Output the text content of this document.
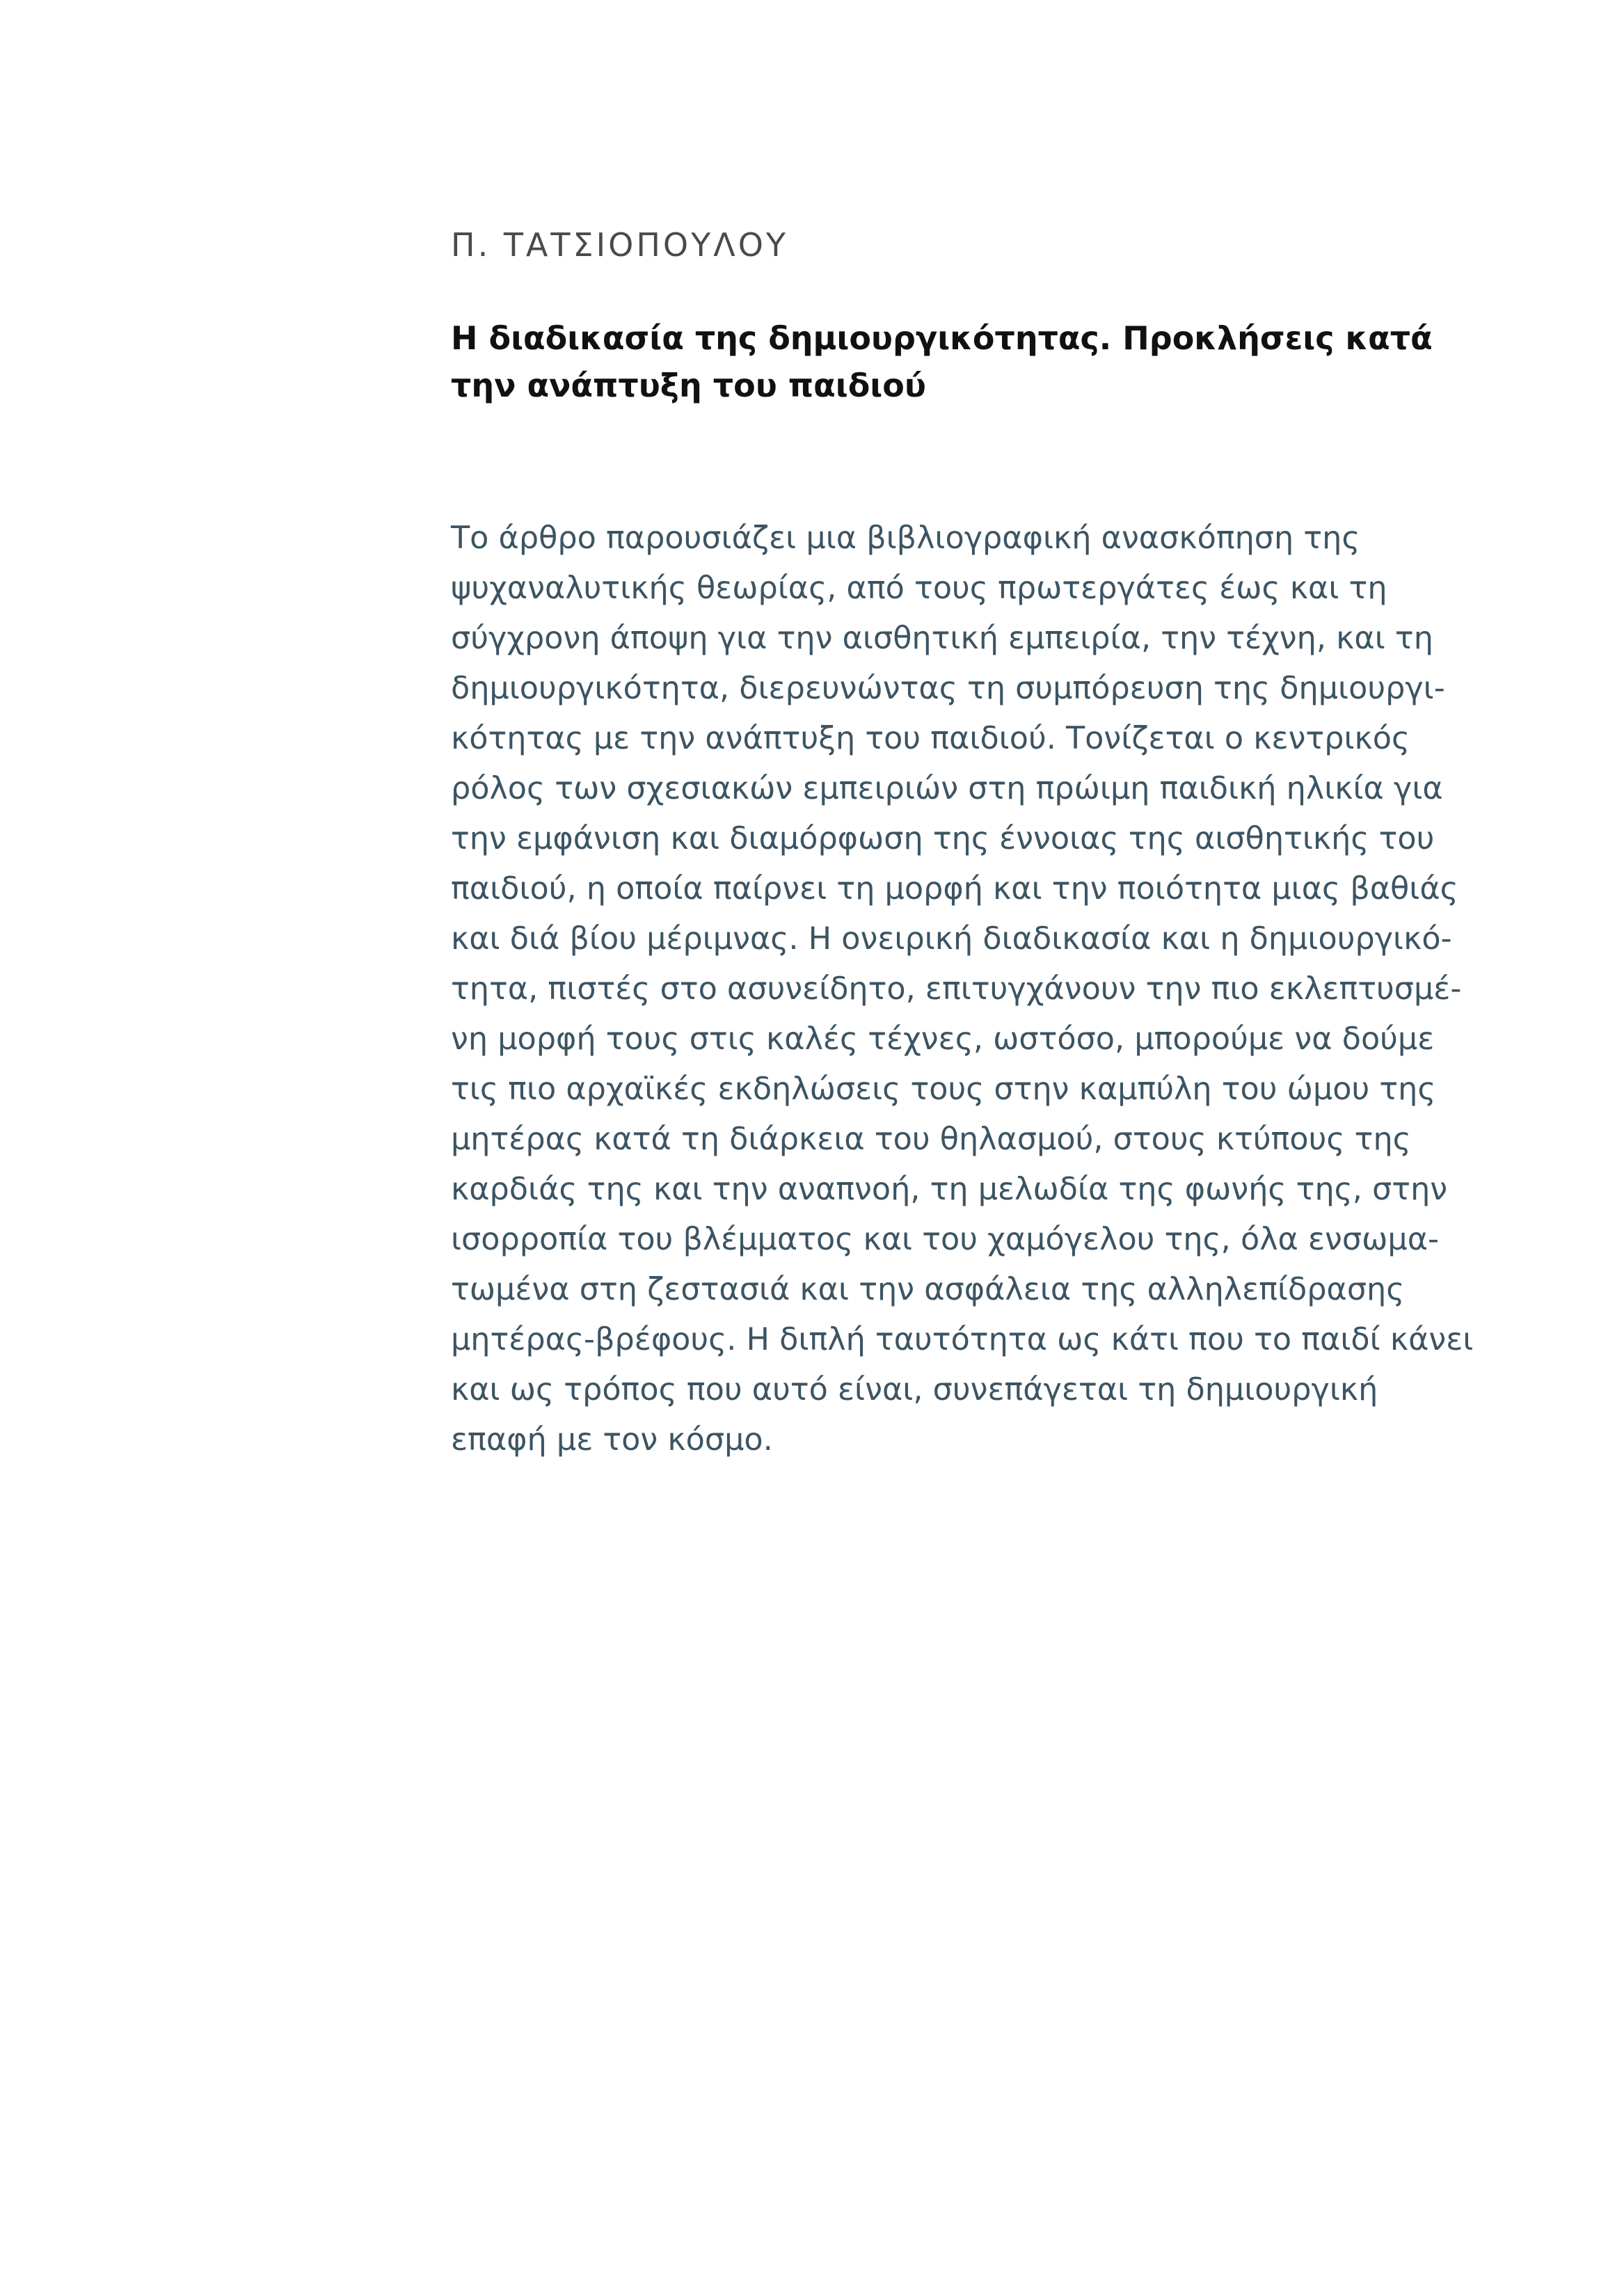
Π. ΤΑΤΣΙΟΠΟΥΛΟΥ
Η διαδικασία της δημιουργικότητας. Προκλήσεις κατά την ανάπτυξη του παιδιού
Το άρθρο παρουσιάζει μια βιβλιογραφική ανασκόπηση της
ψυχαναλυτικής θεωρίας, από τους πρωτεργάτες έως και τη
σύγχρονη άποψη για την αισθητική εμπειρία, την τέχνη, και τη
δημιουργικότητα, διερευνώντας τη συμπόρευση της δημιουργι-
κότητας με την ανάπτυξη του παιδιού. Τονίζεται ο κεντρικός
ρόλος των σχεσιακών εμπειριών στη πρώιμη παιδική ηλικία για
την εμφάνιση και διαμόρφωση της έννοιας της αισθητικής του
παιδιού, η οποία παίρνει τη μορφή και την ποιότητα μιας βαθιάς
και διά βίου μέριμνας. Η ονειρική διαδικασία και η δημιουργικό-
τητα, πιστές στο ασυνείδητο, επιτυγχάνουν την πιο εκλεπτυσμέ-
νη μορφή τους στις καλές τέχνες, ωστόσο, μπορούμε να δούμε
τις πιο αρχαϊκές εκδηλώσεις τους στην καμπύλη του ώμου της
μητέρας κατά τη διάρκεια του θηλασμού, στους κτύπους της
καρδιάς της και την αναπνοή, τη μελωδία της φωνής της, στην
ισορροπία του βλέμματος και του χαμόγελου της, όλα ενσωμα-
τωμένα στη ζεστασιά και την ασφάλεια της αλληλεπίδρασης
μητέρας-βρέφους. Η διπλή ταυτότητα ως κάτι που το παιδί κάνει
και ως τρόπος που αυτό είναι, συνεπάγεται τη δημιουργική
επαφή με τον κόσμο.
